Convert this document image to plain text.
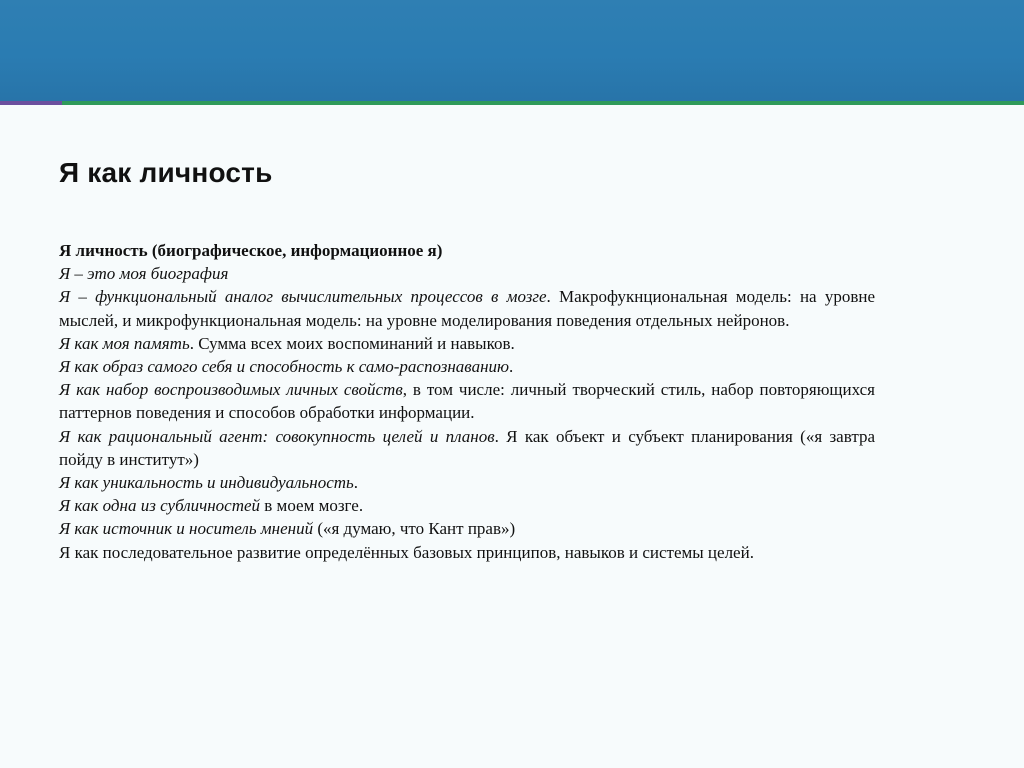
Я как личность

Я личность (биографическое, информационное я)

Я – это моя биография

Я – функциональный аналог вычислительных процессов в мозге. Макрофукнциональная модель: на уровне мыслей, и микрофункциональная модель: на уровне моделирования поведения отдельных нейронов.

Я как моя память. Сумма всех моих воспоминаний и навыков.

Я как образ самого себя и способность к само-распознаванию.

Я как набор воспроизводимых личных свойств, в том числе: личный творческий стиль, набор повторяющихся паттернов поведения и способов обработки информации.

Я как рациональный агент: совокупность целей и планов. Я как объект и субъект планирования («я завтра пойду в институт»)

Я как уникальность и индивидуальность.

Я как одна из субличностей в моем мозге.

Я как источник и носитель мнений («я думаю, что Кант прав»)

Я как последовательное развитие определённых базовых принципов, навыков и системы целей.
